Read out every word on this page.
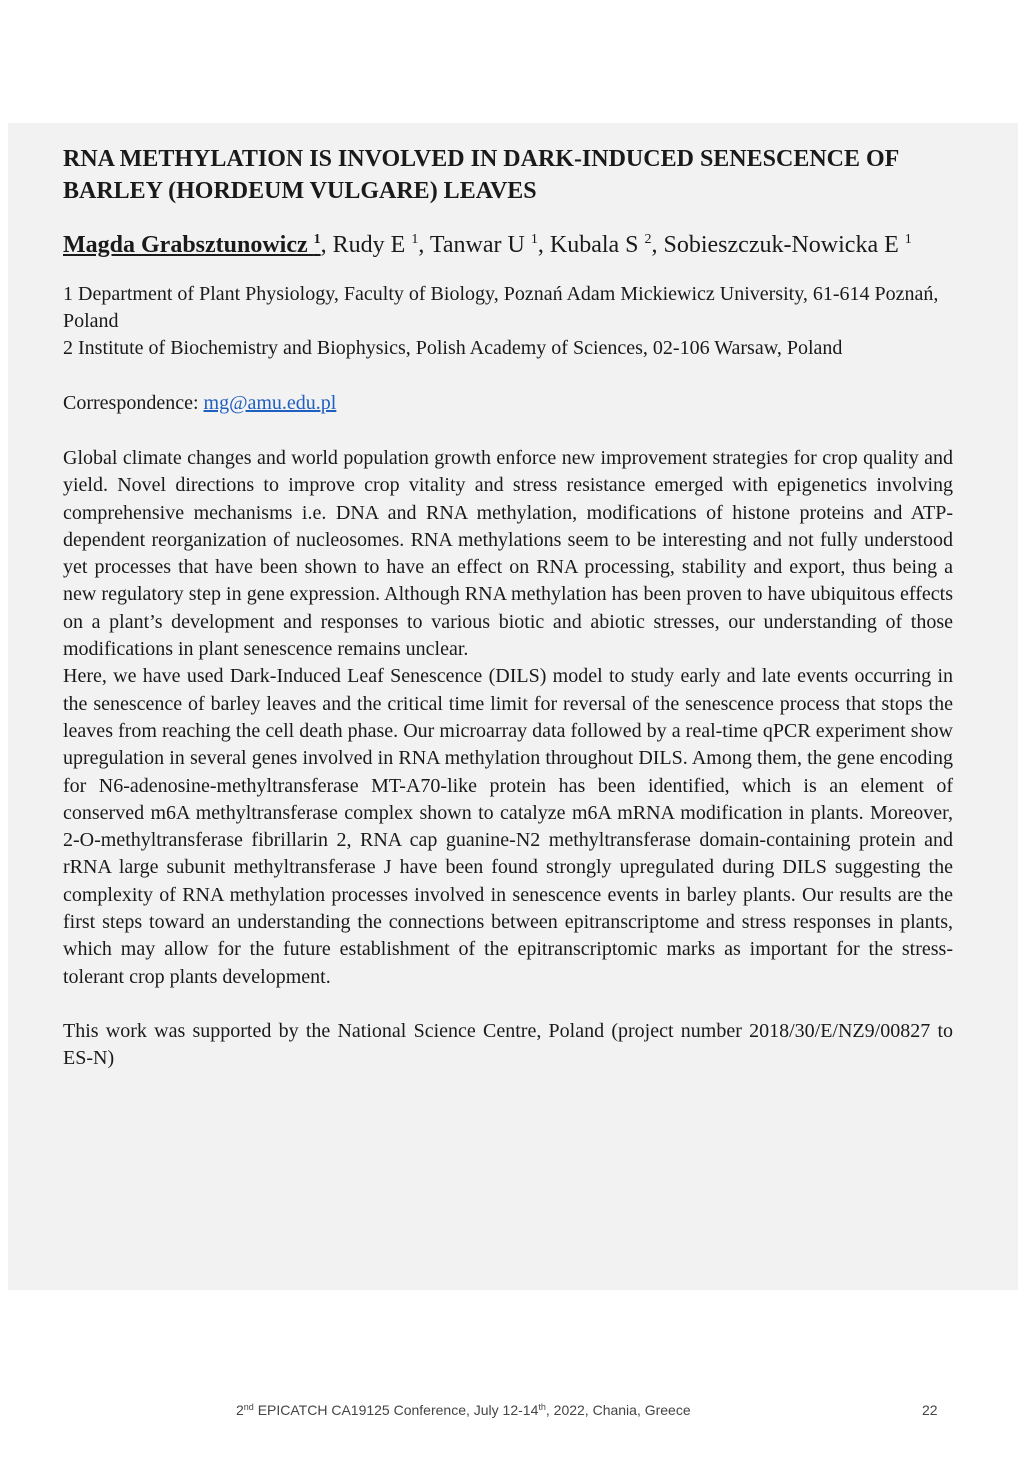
RNA METHYLATION IS INVOLVED IN DARK-INDUCED SENESCENCE OF BARLEY (HORDEUM VULGARE) LEAVES
Magda Grabsztunowicz $^1$, Rudy E $^1$, Tanwar U $^1$, Kubala S $^2$, Sobieszczuk-Nowicka E $^1$
1 Department of Plant Physiology, Faculty of Biology, Poznań Adam Mickiewicz University, 61-614 Poznań, Poland
2 Institute of Biochemistry and Biophysics, Polish Academy of Sciences, 02-106 Warsaw, Poland
Correspondence: mg@amu.edu.pl

Global climate changes and world population growth enforce new improvement strategies for crop quality and yield. Novel directions to improve crop vitality and stress resistance emerged with epigenetics involving comprehensive mechanisms i.e. DNA and RNA methylation, modifications of histone proteins and ATP-dependent reorganization of nucleosomes. RNA methylations seem to be interesting and not fully understood yet processes that have been shown to have an effect on RNA processing, stability and export, thus being a new regulatory step in gene expression. Although RNA methylation has been proven to have ubiquitous effects on a plant’s development and responses to various biotic and abiotic stresses, our understanding of those modifications in plant senescence remains unclear.

Here, we have used Dark-Induced Leaf Senescence (DILS) model to study early and late events occurring in the senescence of barley leaves and the critical time limit for reversal of the senescence process that stops the leaves from reaching the cell death phase. Our microarray data followed by a real-time qPCR experiment show upregulation in several genes involved in RNA methylation throughout DILS. Among them, the gene encoding for N6-adenosine-methyltransferase MT-A70-like protein has been identified, which is an element of conserved m6A methyltransferase complex shown to catalyze m6A mRNA modification in plants. Moreover, 2-O-methyltransferase fibrillarin 2, RNA cap guanine-N2 methyltransferase domain-containing protein and rRNA large subunit methyltransferase J have been found strongly upregulated during DILS suggesting the complexity of RNA methylation processes involved in senescence events in barley plants. Our results are the first steps toward an understanding the connections between epitranscriptome and stress responses in plants, which may allow for the future establishment of the epitranscriptomic marks as important for the stress-tolerant crop plants development.

This work was supported by the National Science Centre, Poland (project number 2018/30/E/NZ9/00827 to ES-N)
2nd EPICATCH CA19125 Conference, July 12-14th, 2022, Chania, Greece	22
